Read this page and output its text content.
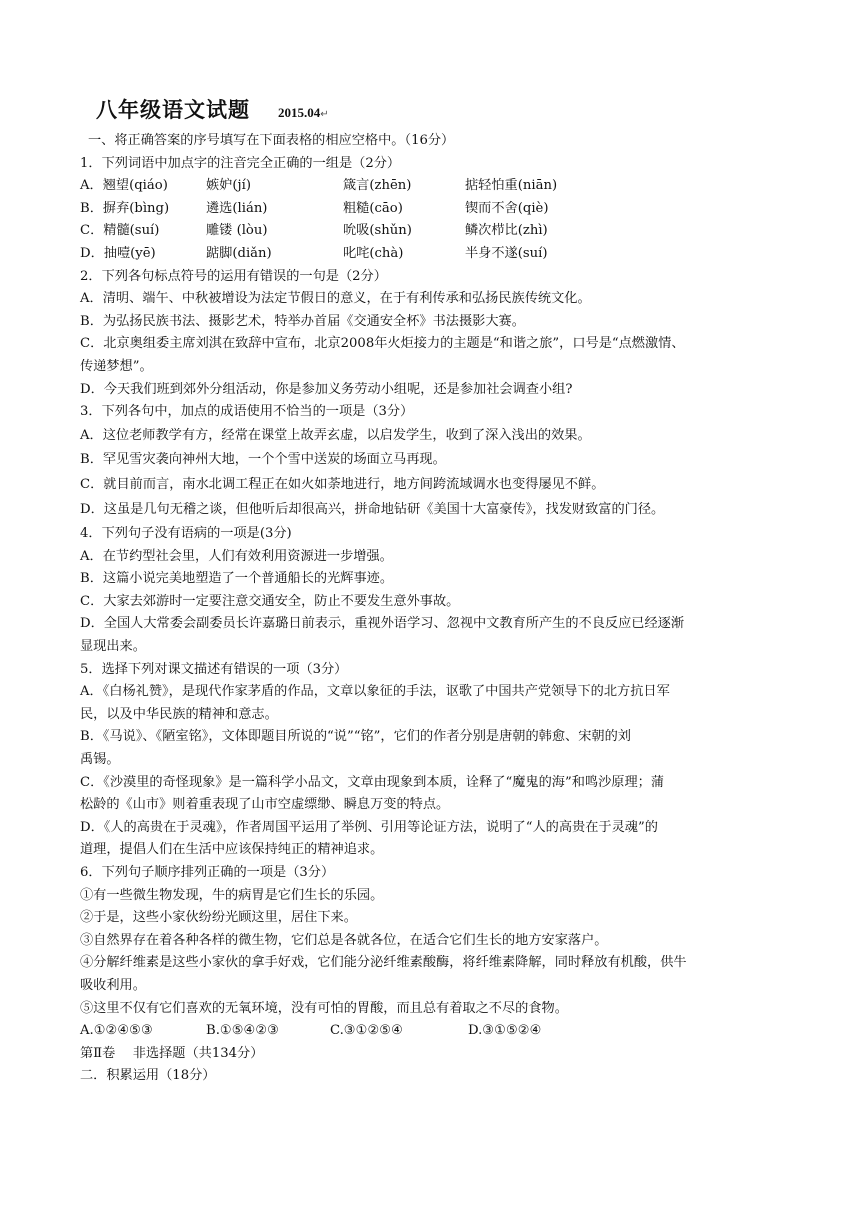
八年级语文试题 2015.04↵
一、将正确答案的序号填写在下面表格的相应空格中。（16分）
1．下列词语中加点字的注音完全正确的一组是（2分）
A．翘望(qiáo)	嫉妒(jí)	箴言(zhēn)	掂轻怕重(niān)
B．摒弃(bìng)	遴选(lián)	粗糙(cāo)	锲而不舍(qiè)
C．精髓(suí)	雕镂 (lòu)	吮吸(shǔn)	鳞次栉比(zhì)
D．抽噎(yē)	踮脚(diǎn)	叱咤(chà)	半身不遂(suí)
2．下列各句标点符号的运用有错误的一句是（2分）
A．清明、端午、中秋被增设为法定节假日的意义，在于有利传承和弘扬民族传统文化。
B．为弘扬民族书法、摄影艺术，特举办首届《交通安全杯》书法摄影大赛。
C．北京奥组委主席刘淇在致辞中宣布，北京2008年火炬接力的主题是“和谐之旅”，口号是“点燃激情、
传递梦想”。
D．今天我们班到郊外分组活动，你是参加义务劳动小组呢，还是参加社会调查小组?
3．下列各句中，加点的成语使用不恰当的一项是（3分）
A．这位老师教学有方，经常在课堂上故弄玄虚，以启发学生，收到了深入浅出的效果。
B．罕见雪灾袭向神州大地，一个个雪中送炭的场面立马再现。
C．就目前而言，南水北调工程正在如火如荼地进行，地方间跨流域调水也变得屡见不鲜。
D．这虽是几句无稽之谈，但他听后却很高兴，拼命地钻研《美国十大富豪传》，找发财致富的门径。
4．下列句子没有语病的一项是(3分)
A．在节约型社会里，人们有效利用资源进一步增强。
B．这篇小说完美地塑造了一个普通船长的光辉事迹。
C．大家去郊游时一定要注意交通安全，防止不要发生意外事故。
D．全国人大常委会副委员长许嘉璐日前表示，重视外语学习、忽视中文教育所产生的不良反应已经逐渐
显现出来。
5．选择下列对课文描述有错误的一项（3分）
A．《白杨礼赞》，是现代作家茅盾的作品，文章以象征的手法，讴歌了中国共产党领导下的北方抗日军
民，以及中华民族的精神和意志。
B．《马说》、《陋室铭》，文体即题目所说的“说”“铭”，它们的作者分别是唐朝的韩愈、宋朝的刘
禹锡。
C．《沙漠里的奇怪现象》是一篇科学小品文，文章由现象到本质，诠释了“魔鬼的海”和鸣沙原理；蒲
松龄的《山市》则着重表现了山市空虚缥缈、瞬息万变的特点。
D．《人的高贵在于灵魂》，作者周国平运用了举例、引用等论证方法，说明了“人的高贵在于灵魂”的
道理，提倡人们在生活中应该保持纯正的精神追求。
6．下列句子顺序排列正确的一项是（3分）
①有一些微生物发现，牛的病胃是它们生长的乐园。
②于是，这些小家伙纷纷光顾这里，居住下来。
③自然界存在着各种各样的微生物，它们总是各就各位，在适合它们生长的地方安家落户。
④分解纤维素是这些小家伙的拿手好戏，它们能分泌纤维素酸酶，将纤维素降解，同时释放有机酸，供牛
吸收利用。
⑤这里不仅有它们喜欢的无氧环境，没有可怕的胃酸，而且总有着取之不尽的食物。
A.①②④⑤③	B.①⑤④②③	C.③①②⑤④	D.③①⑤②④
第Ⅱ卷　 非选择题（共134分）
二．积累运用（18分）
